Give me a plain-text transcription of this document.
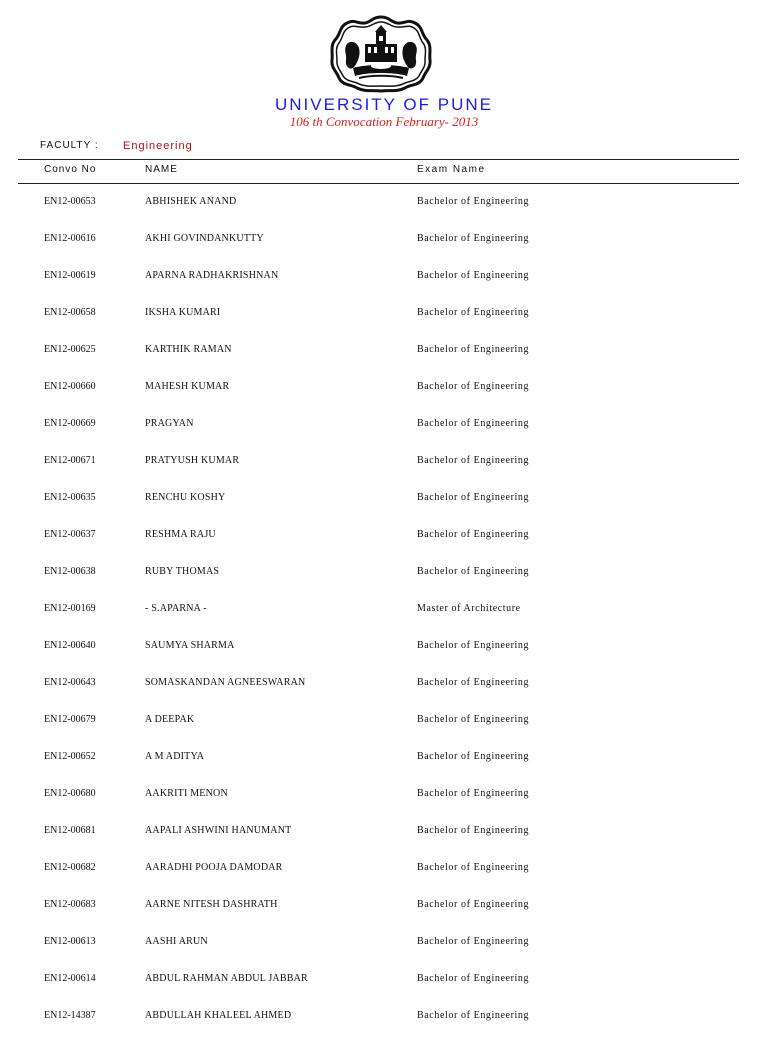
UNIVERSITY OF PUNE
106 th Convocation February- 2013
FACULTY : Engineering
Convo No	NAME	Exam Name
EN12-00653	ABHISHEK ANAND	Bachelor of Engineering
EN12-00616	AKHI GOVINDANKUTTY	Bachelor of Engineering
EN12-00619	APARNA RADHAKRISHNAN	Bachelor of Engineering
EN12-00658	IKSHA KUMARI	Bachelor of Engineering
EN12-00625	KARTHIK RAMAN	Bachelor of Engineering
EN12-00660	MAHESH KUMAR	Bachelor of Engineering
EN12-00669	PRAGYAN	Bachelor of Engineering
EN12-00671	PRATYUSH KUMAR	Bachelor of Engineering
EN12-00635	RENCHU KOSHY	Bachelor of Engineering
EN12-00637	RESHMA RAJU	Bachelor of Engineering
EN12-00638	RUBY THOMAS	Bachelor of Engineering
EN12-00169	- S.APARNA -	Master of Architecture
EN12-00640	SAUMYA SHARMA	Bachelor of Engineering
EN12-00643	SOMASKANDAN AGNEESWARAN	Bachelor of Engineering
EN12-00679	A DEEPAK	Bachelor of Engineering
EN12-00652	A M ADITYA	Bachelor of Engineering
EN12-00680	AAKRITI MENON	Bachelor of Engineering
EN12-00681	AAPALI ASHWINI HANUMANT	Bachelor of Engineering
EN12-00682	AARADHI POOJA DAMODAR	Bachelor of Engineering
EN12-00683	AARNE NITESH DASHRATH	Bachelor of Engineering
EN12-00613	AASHI ARUN	Bachelor of Engineering
EN12-00614	ABDUL RAHMAN ABDUL JABBAR	Bachelor of Engineering
EN12-14387	ABDULLAH KHALEEL AHMED	Bachelor of Engineering
